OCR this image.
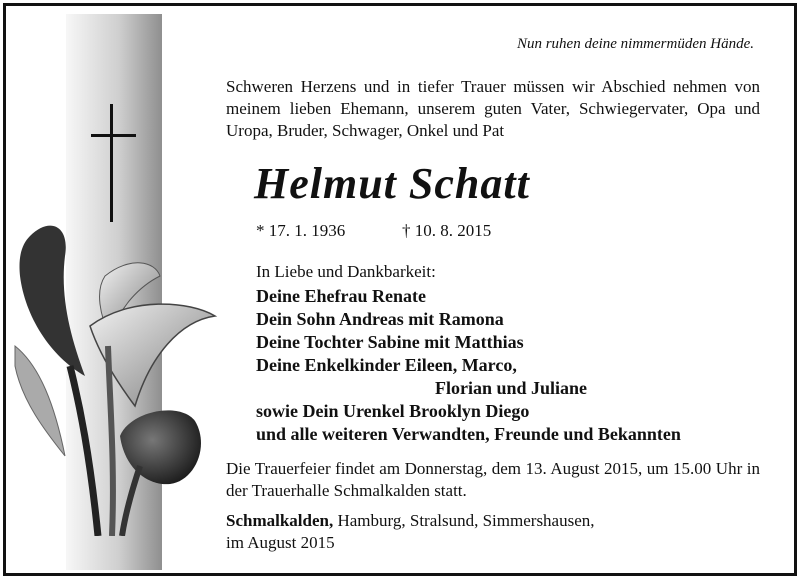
Nun ruhen deine nimmermüden Hände.
Schweren Herzens und in tiefer Trauer müssen wir Abschied nehmen von meinem lieben Ehemann, unserem guten Vater, Schwiegervater, Opa und Uropa, Bruder, Schwager, Onkel und Pat
Helmut Schatt
* 17. 1. 1936	† 10. 8. 2015
In Liebe und Dankbarkeit:
Deine Ehefrau Renate
Dein Sohn Andreas mit Ramona
Deine Tochter Sabine mit Matthias
Deine Enkelkinder Eileen, Marco,
Florian und Juliane
sowie Dein Urenkel Brooklyn Diego
und alle weiteren Verwandten, Freunde und Bekannten
Die Trauerfeier findet am Donnerstag, dem 13. August 2015, um 15.00 Uhr in der Trauerhalle Schmalkalden statt.
Schmalkalden, Hamburg, Stralsund, Simmershausen,
im August 2015
